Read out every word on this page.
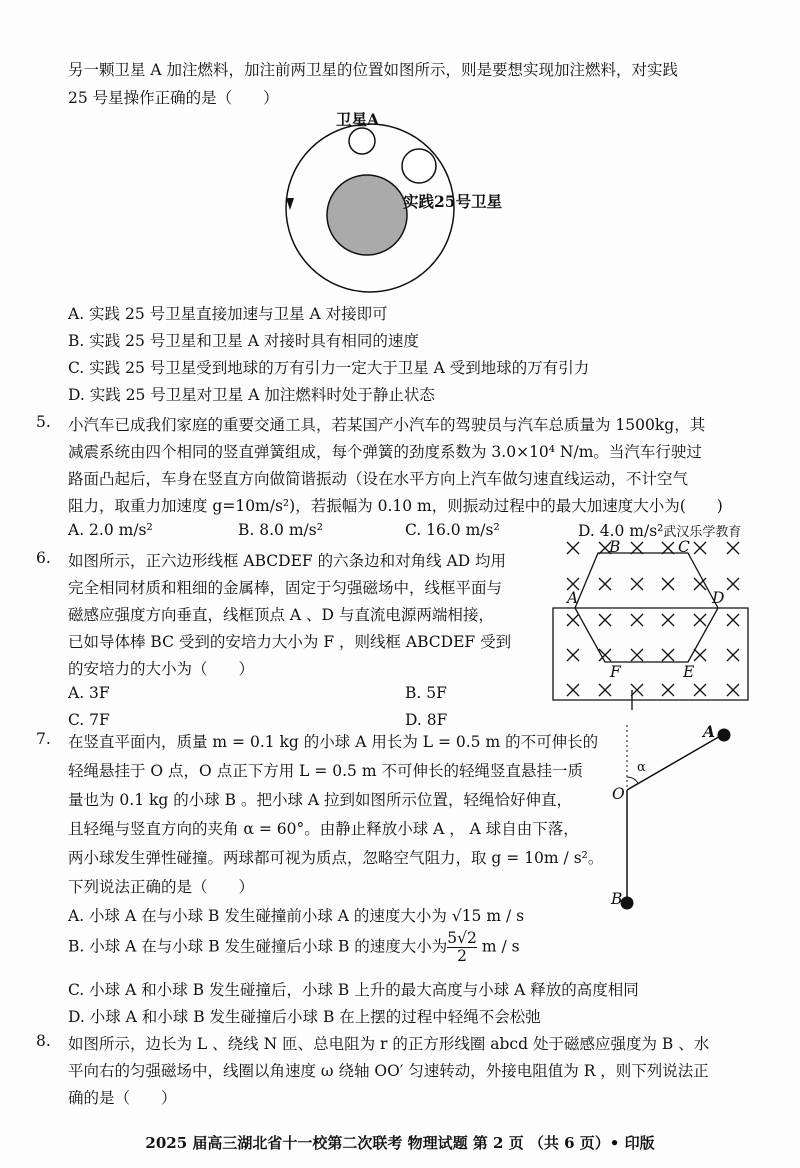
另一颗卫星 A 加注燃料，加注前两卫星的位置如图所示，则是要想实现加注燃料，对实践
25 号星操作正确的是（　　）
卫星A
实践25号卫星
A. 实践 25 号卫星直接加速与卫星 A 对接即可
B. 实践 25 号卫星和卫星 A 对接时具有相同的速度
C. 实践 25 号卫星受到地球的万有引力一定大于卫星 A 受到地球的万有引力
D. 实践 25 号卫星对卫星 A 加注燃料时处于静止状态
5. 小汽车已成我们家庭的重要交通工具，若某国产小汽车的驾驶员与汽车总质量为 1500kg，其
减震系统由四个相同的竖直弹簧组成，每个弹簧的劲度系数为 3.0×10⁴ N/m。当汽车行驶过
路面凸起后，车身在竖直方向做简谐振动（设在水平方向上汽车做匀速直线运动，不计空气
阻力，取重力加速度 g=10m/s²)，若振幅为 0.10 m，则振动过程中的最大加速度大小为(　　)
A. 2.0 m/s²	B. 8.0 m/s²	C. 16.0 m/s²	D. 4.0 m/s²武汉乐学教育
6. 如图所示，正六边形线框 ABCDEF 的六条边和对角线 AD 均用
完全相同材质和粗细的金属棒，固定于匀强磁场中，线框平面与
磁感应强度方向垂直，线框顶点 A 、D 与直流电源两端相接，
已如导体棒 BC 受到的安培力大小为 F ，则线框 ABCDEF 受到
的安培力的大小为（　　）
A. 3F	B. 5F
C. 7F	D. 8F
A
B	C
D
E
F
7. 在竖直平面内，质量 m = 0.1 kg 的小球 A 用长为 L = 0.5 m 的不可伸长的
轻绳悬挂于 O 点，O 点正下方用 L = 0.5 m 不可伸长的轻绳竖直悬挂一质
量也为 0.1 kg 的小球 B 。把小球 A 拉到如图所示位置，轻绳恰好伸直，
且轻绳与竖直方向的夹角 α = 60°。由静止释放小球 A ， A 球自由下落，
两小球发生弹性碰撞。两球都可视为质点，忽略空气阻力，取 g = 10m / s²。
下列说法正确的是（　　）
A. 小球 A 在与小球 B 发生碰撞前小球 A 的速度大小为 √15 m / s
B. 小球 A 在与小球 B 发生碰撞后小球 B 的速度大小为 $\frac{5√2}{2}$ m / s
C. 小球 A 和小球 B 发生碰撞后，小球 B 上升的最大高度与小球 A 释放的高度相同
D. 小球 A 和小球 B 发生碰撞后小球 B 在上摆的过程中轻绳不会松弛
A
O
B
α
8. 如图所示，边长为 L 、绕线 N 匝、总电阻为 r 的正方形线圈 abcd 处于磁感应强度为 B 、水
平向右的匀强磁场中，线圈以角速度 ω 绕轴 OO′ 匀速转动，外接电阻值为 R ，则下列说法正
确的是（　　）
2025 届高三湖北省十一校第二次联考 物理试题 第 2 页 （共 6 页）• 印版
